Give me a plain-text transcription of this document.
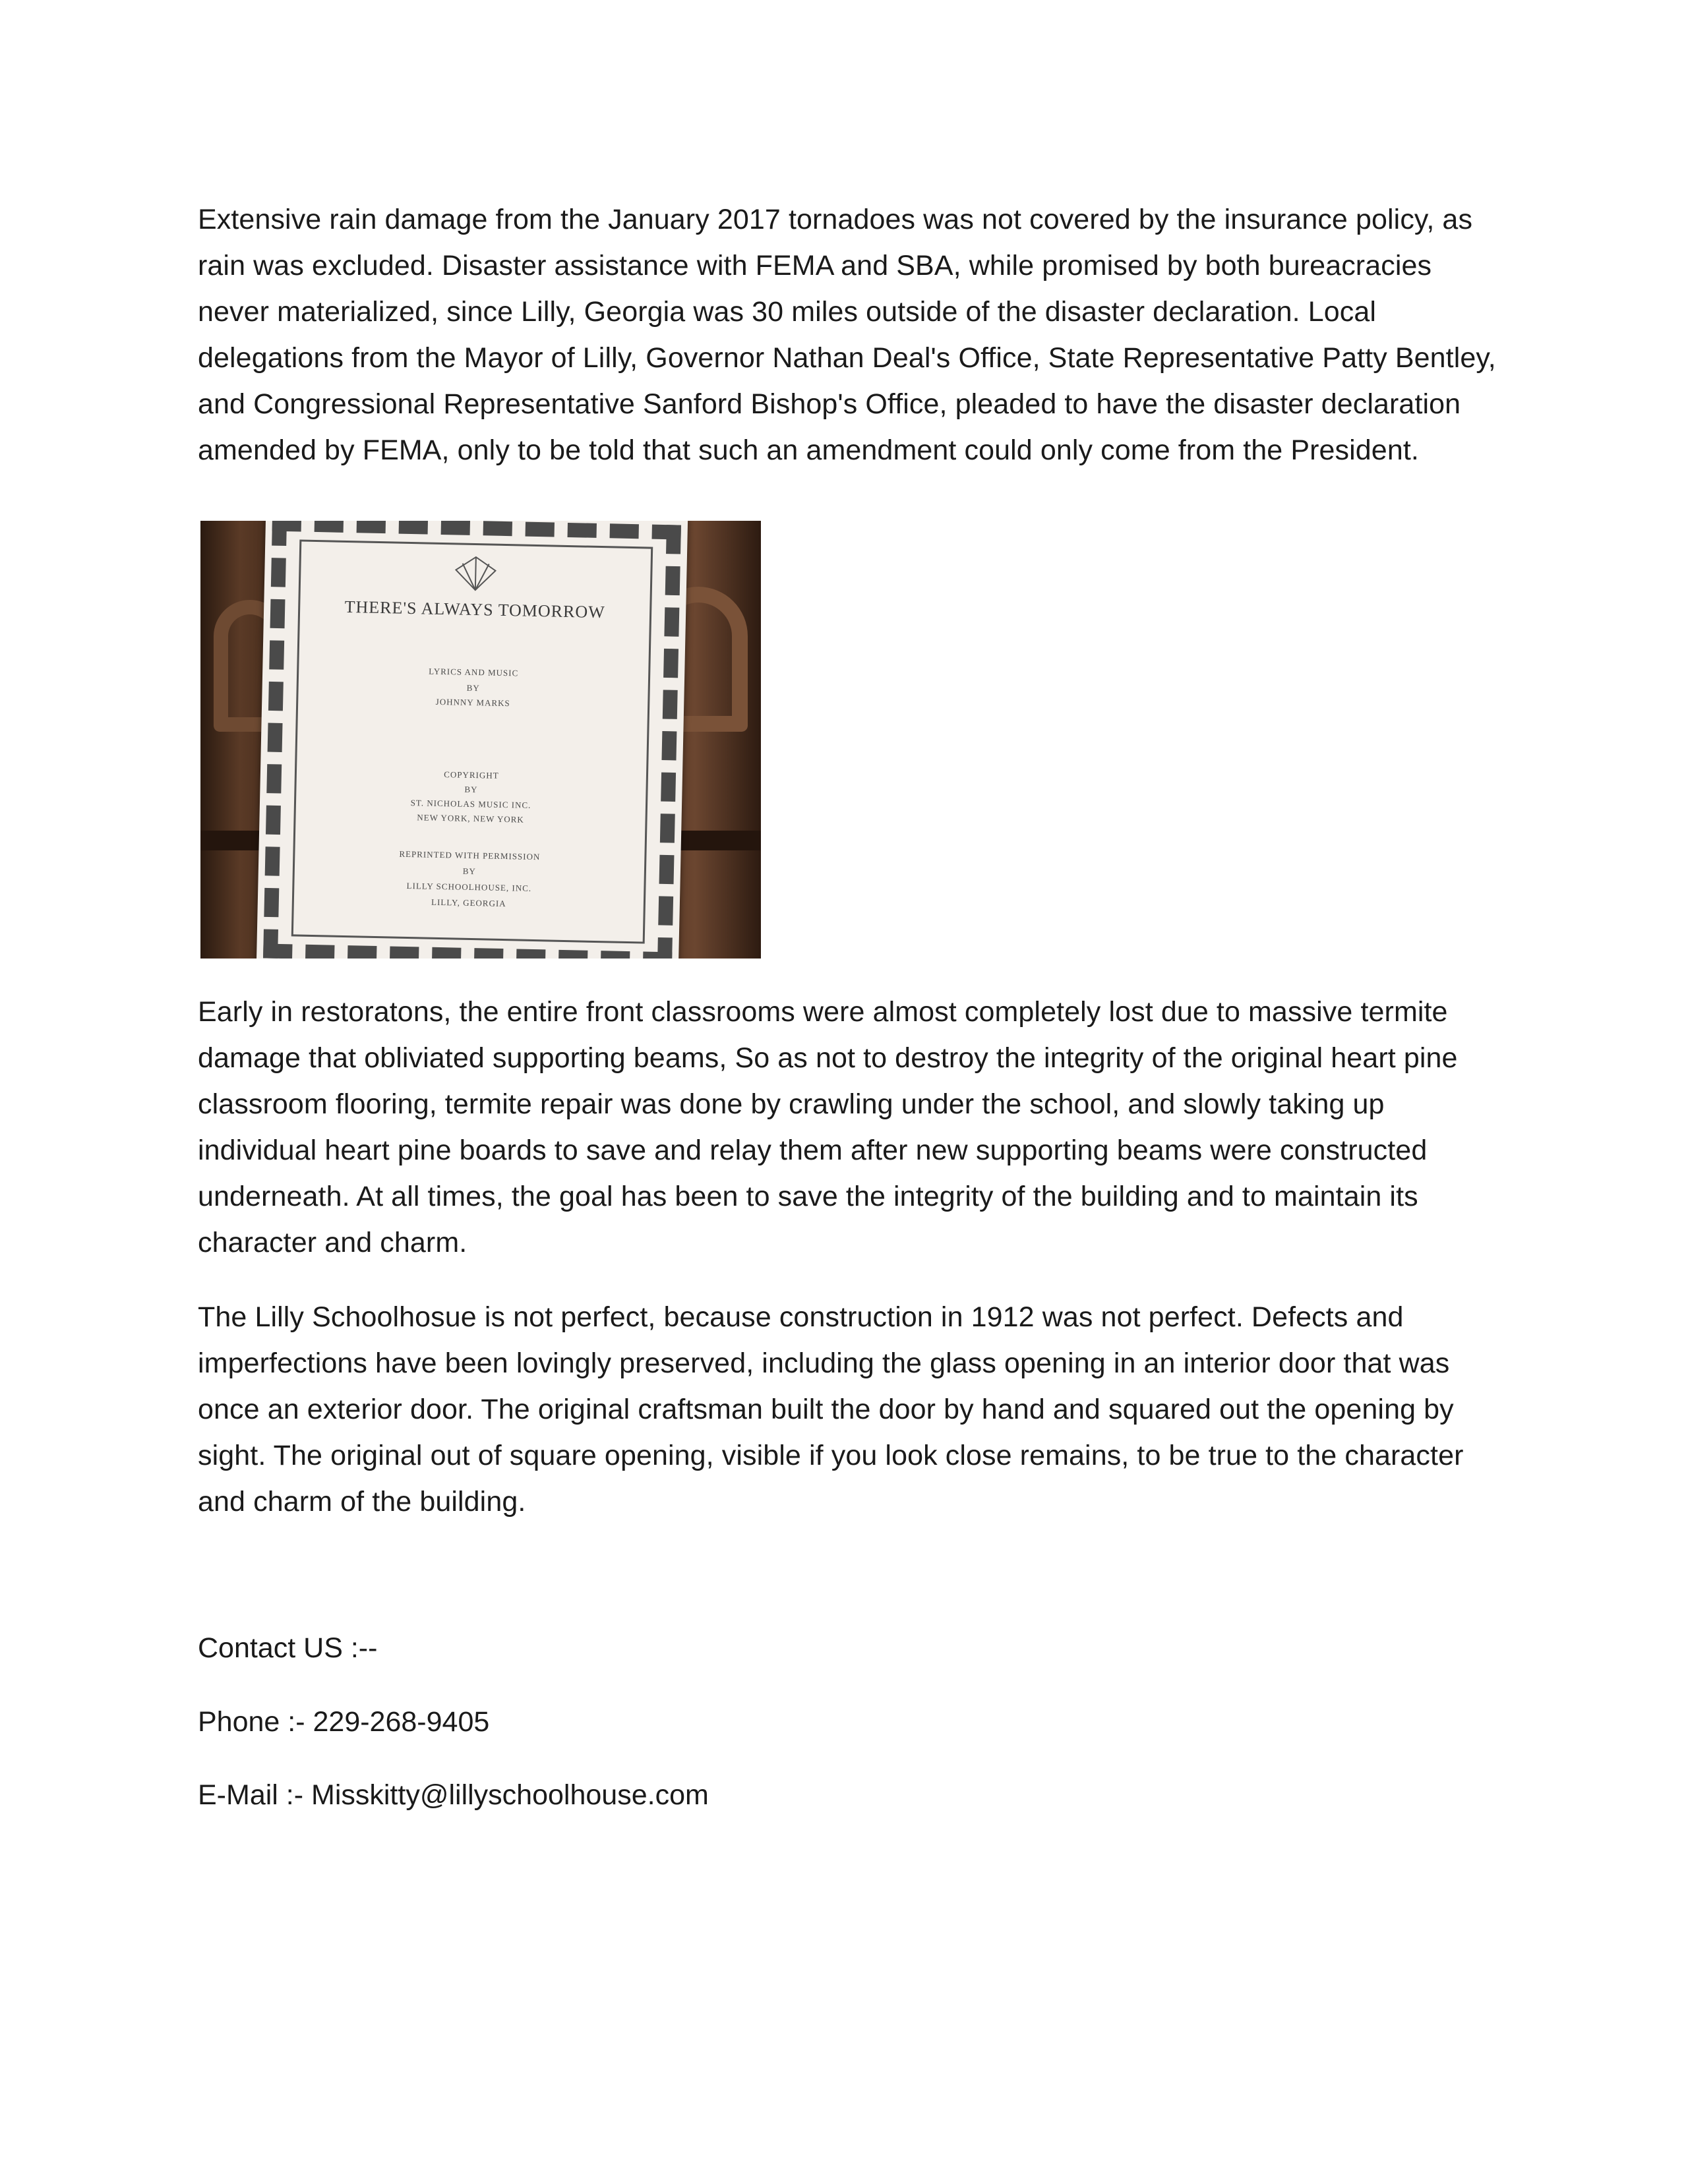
Extensive rain damage from the January 2017 tornadoes was not covered by the insurance policy, as rain was excluded. Disaster assistance with FEMA and SBA, while promised by both bureacracies never materialized, since Lilly, Georgia was 30 miles outside of the disaster declaration. Local delegations from the Mayor of Lilly, Governor Nathan Deal's Office, State Representative Patty Bentley, and Congressional Representative Sanford Bishop's Office, pleaded to have the disaster declaration amended by FEMA, only to be told that such an amendment could only come from the President.

THERE'S ALWAYS TOMORROW
LYRICS AND MUSIC
BY
JOHNNY MARKS
COPYRIGHT
BY
ST. NICHOLAS MUSIC INC.
NEW YORK, NEW YORK
REPRINTED WITH PERMISSION
BY
LILLY SCHOOLHOUSE, INC.
LILLY, GEORGIA

Early in restoratons, the entire front classrooms were almost completely lost due to massive termite damage that obliviated supporting beams, So as not to destroy the integrity of the original heart pine classroom flooring, termite repair was done by crawling under the school, and slowly taking up individual heart pine boards to save and relay them after new supporting beams were constructed underneath. At all times, the goal has been to save the integrity of the building and to maintain its character and charm.

The Lilly Schoolhosue is not perfect, because construction in 1912 was not perfect. Defects and imperfections have been lovingly preserved, including the glass opening in an interior door that was once an exterior door. The original craftsman built the door by hand and squared out the opening by sight. The original out of square opening, visible if you look close remains, to be true to the character and charm of the building.

Contact US :--

Phone :- 229-268-9405

E-Mail :- Misskitty@lillyschoolhouse.com
